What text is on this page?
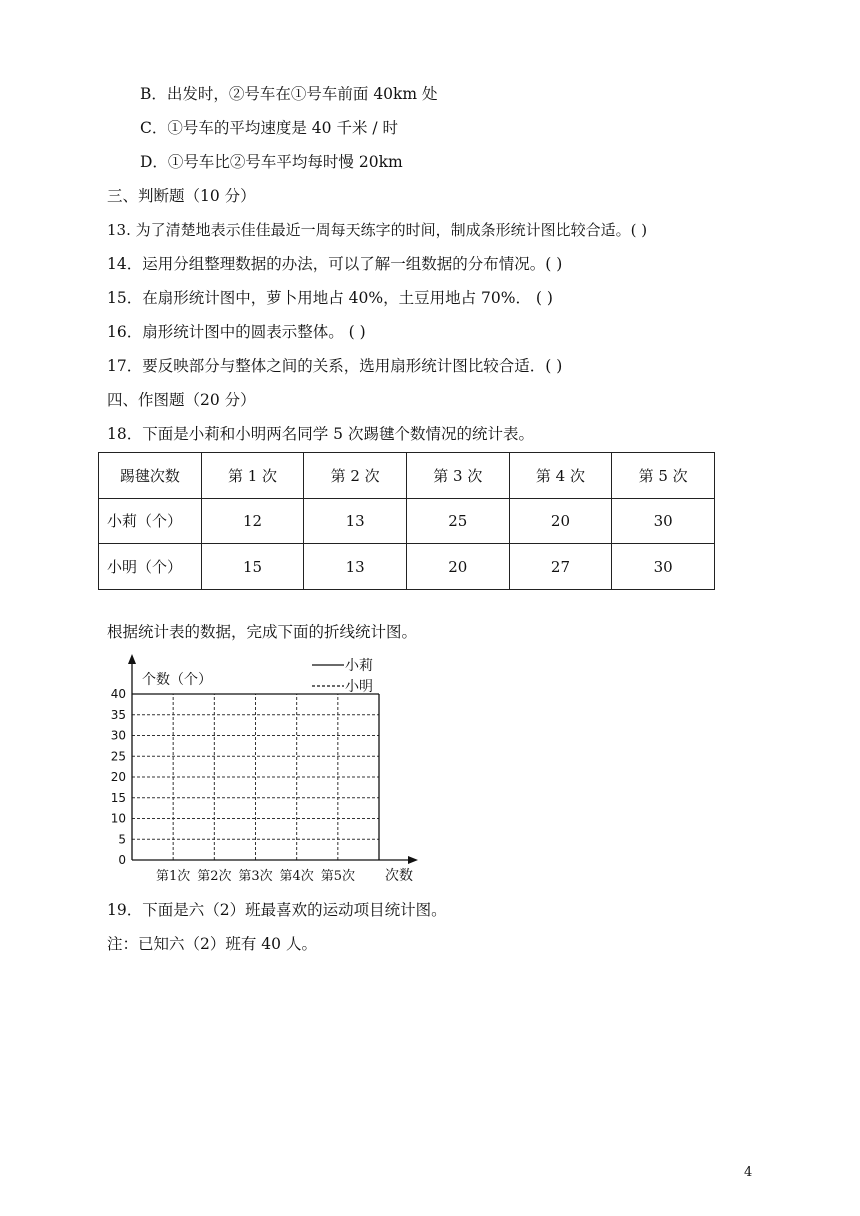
B．出发时，②号车在①号车前面 40km 处
C．①号车的平均速度是 40 千米 / 时
D．①号车比②号车平均每时慢 20km
三、判断题（10 分）
13. 为了清楚地表示佳佳最近一周每天练字的时间，制成条形统计图比较合适。( )
14．运用分组整理数据的办法，可以了解一组数据的分布情况。( )
15．在扇形统计图中，萝卜用地占 40%，土豆用地占 70%． ( )
16．扇形统计图中的圆表示整体。 ( )
17．要反映部分与整体之间的关系，选用扇形统计图比较合适．( )
四、作图题（20 分）
18．下面是小莉和小明两名同学 5 次踢毽个数情况的统计表。
踢毽次数	第 1 次	第 2 次	第 3 次	第 4 次	第 5 次
小莉（个）	12	13	25	20	30
小明（个）	15	13	20	27	30
根据统计表的数据，完成下面的折线统计图。
0
5
10
15
20
25
30
35
40
第1次 第2次 第3次 第4次 第5次
个数（个）
次数
小莉
小明
19．下面是六（2）班最喜欢的运动项目统计图。
注：已知六（2）班有 40 人。
4
